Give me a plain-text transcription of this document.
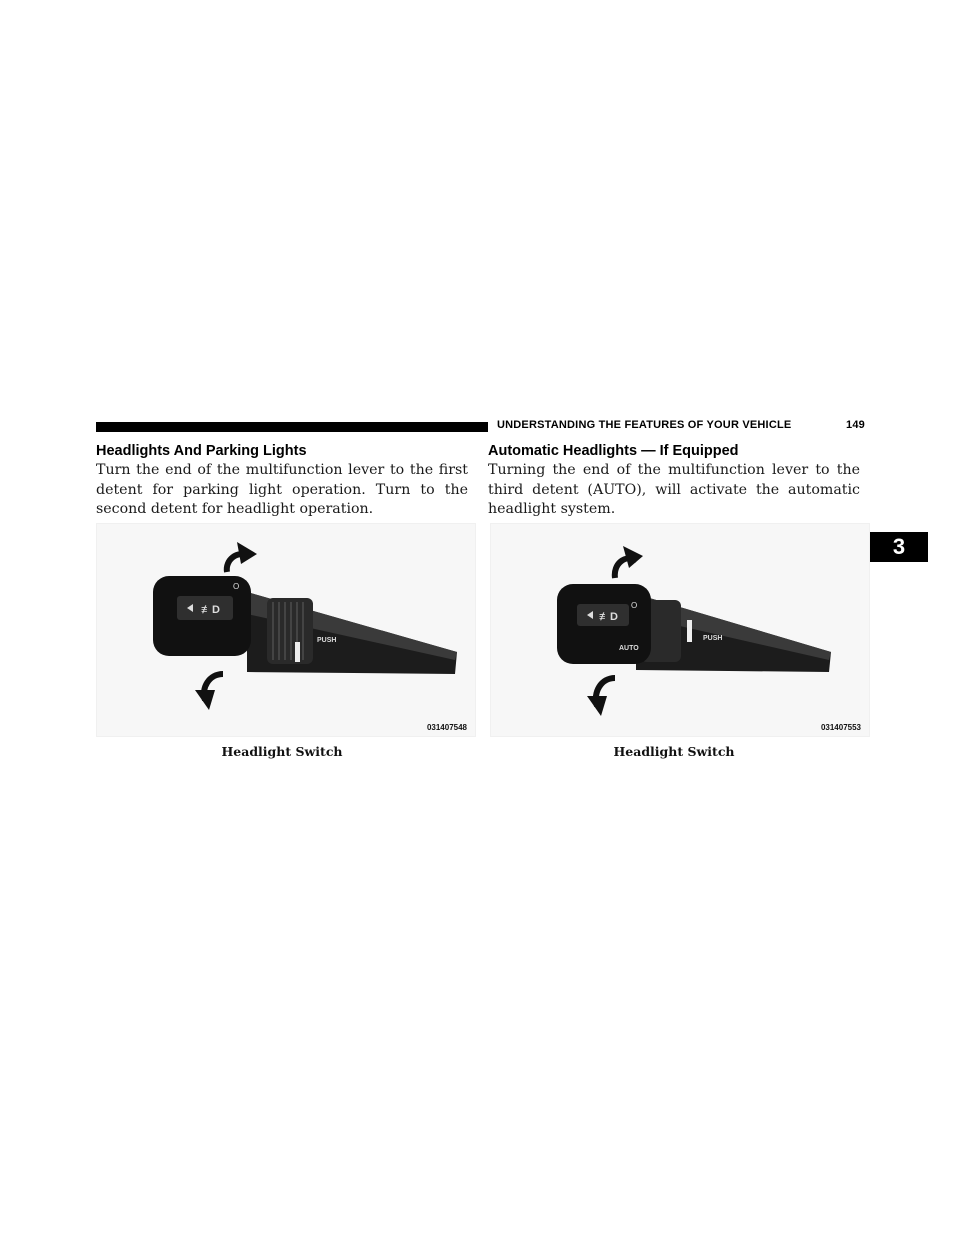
UNDERSTANDING THE FEATURES OF YOUR VEHICLE	149
3
Headlights And Parking Lights

Turn the end of the multifunction lever to the first detent for parking light operation. Turn to the second detent for headlight operation.

Automatic Headlights — If Equipped

Turning the end of the multifunction lever to the third detent (AUTO), will activate the automatic headlight system.

≢D
O
PUSH
031407548
Headlight Switch
≢D
O
PUSH
AUTO
031407553
Headlight Switch
